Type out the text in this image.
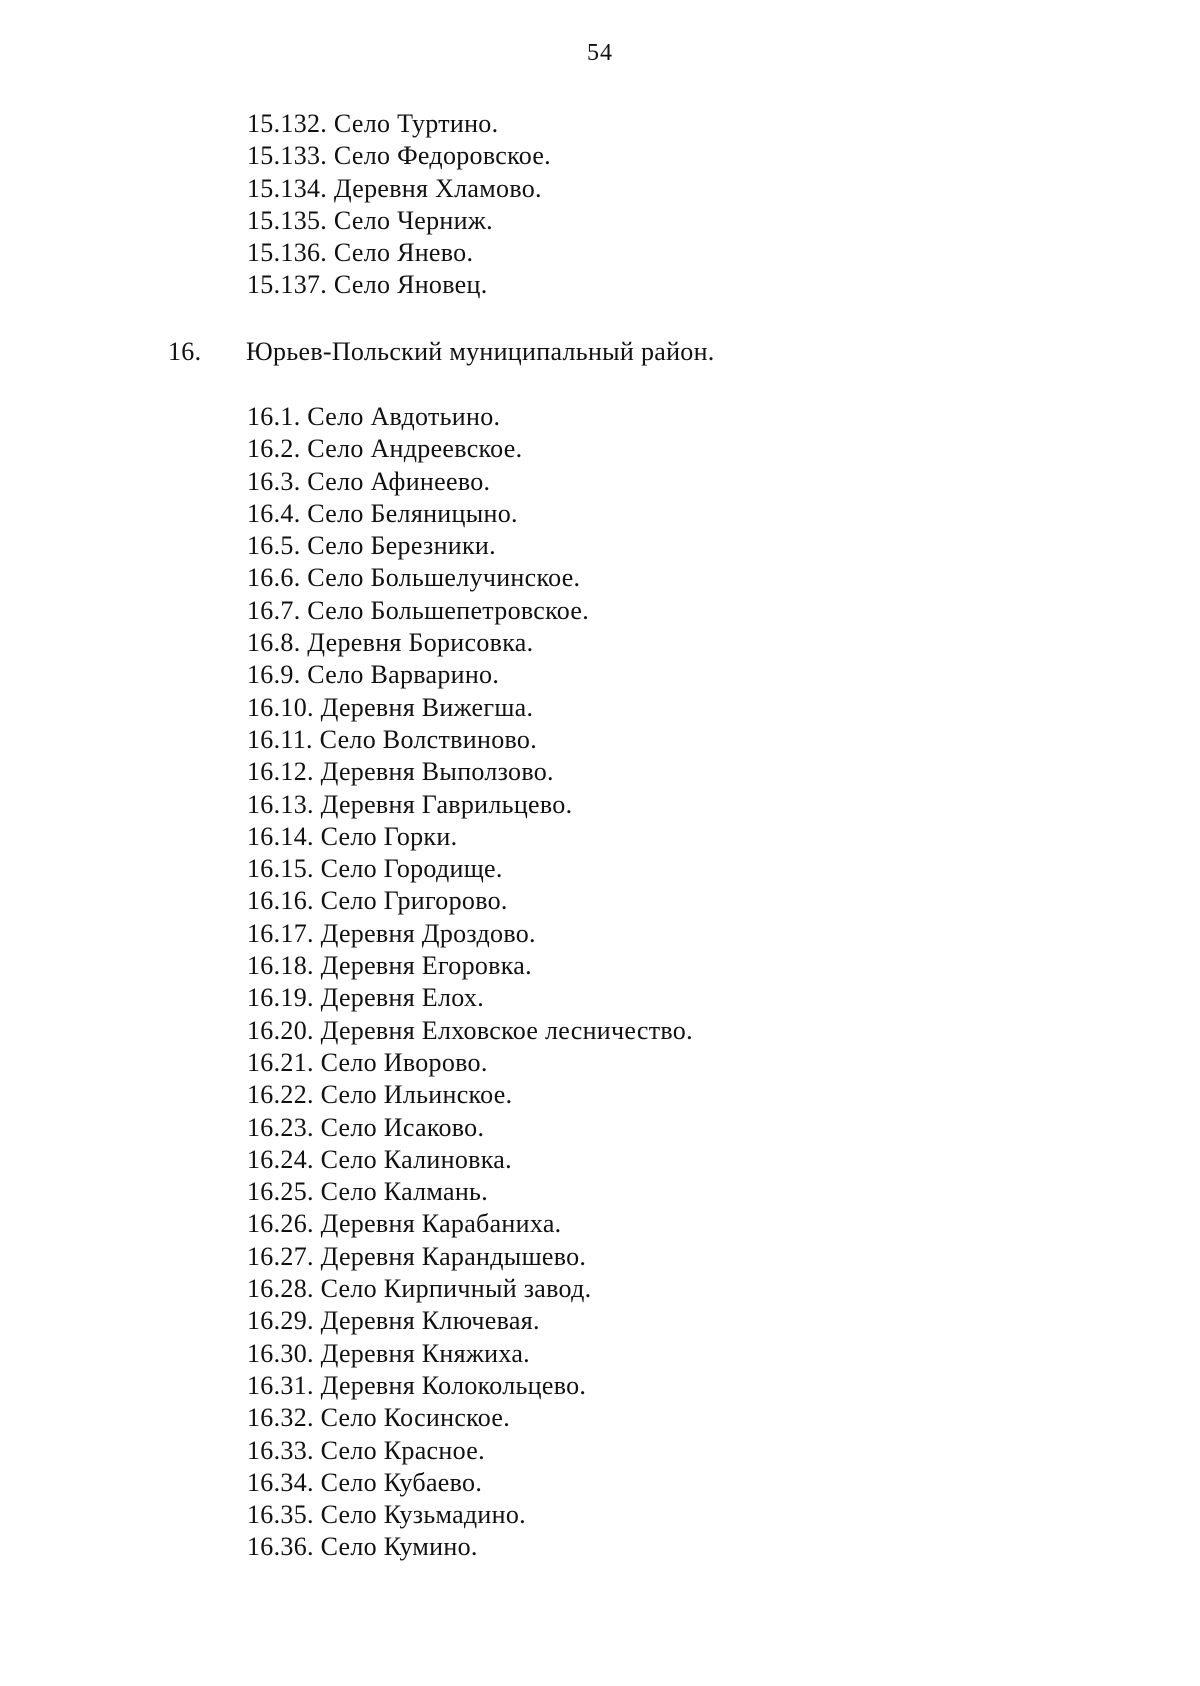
54
15.132. Село Туртино.
15.133. Село Федоровское.
15.134. Деревня Хламово.
15.135. Село Черниж.
15.136. Село Янево.
15.137. Село Яновец.
16. Юрьев-Польский муниципальный район.
16.1. Село Авдотьино.
16.2. Село Андреевское.
16.3. Село Афинеево.
16.4. Село Беляницыно.
16.5. Село Березники.
16.6. Село Большелучинское.
16.7. Село Большепетровское.
16.8. Деревня Борисовка.
16.9. Село Варварино.
16.10. Деревня Вижегша.
16.11. Село Волствиново.
16.12. Деревня Выползово.
16.13. Деревня Гаврильцево.
16.14. Село Горки.
16.15. Село Городище.
16.16. Село Григорово.
16.17. Деревня Дроздово.
16.18. Деревня Егоровка.
16.19. Деревня Елох.
16.20. Деревня Елховское лесничество.
16.21. Село Иворово.
16.22. Село Ильинское.
16.23. Село Исаково.
16.24. Село Калиновка.
16.25. Село Калмань.
16.26. Деревня Карабаниха.
16.27. Деревня Карандышево.
16.28. Село Кирпичный завод.
16.29. Деревня Ключевая.
16.30. Деревня Княжиха.
16.31. Деревня Колокольцево.
16.32. Село Косинское.
16.33. Село Красное.
16.34. Село Кубаево.
16.35. Село Кузьмадино.
16.36. Село Кумино.
